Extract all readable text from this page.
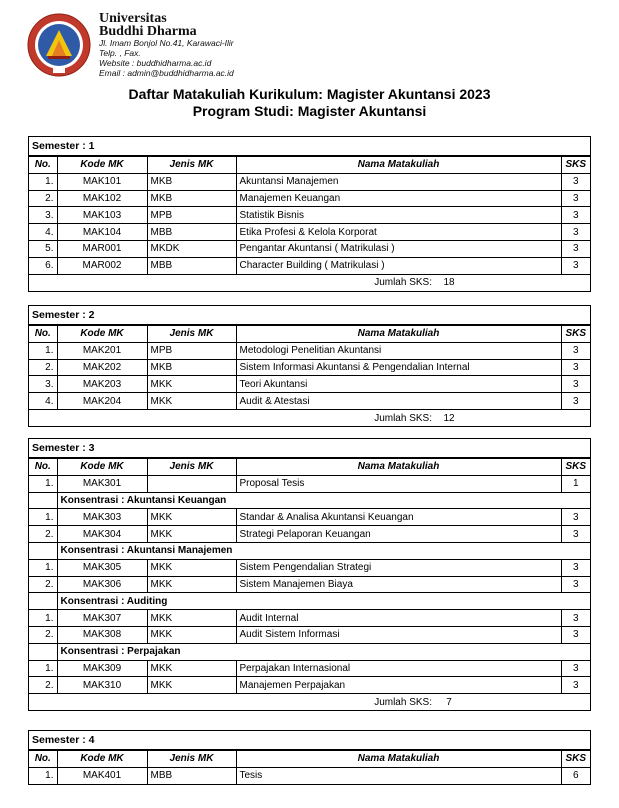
Universitas
Buddhi Dharma
Jl. Imam Bonjol No.41, Karawaci-Ilir
Telp. , Fax.
Website : buddhidharma.ac.id
Email : admin@buddhidharma.ac.id
Daftar Matakuliah Kurikulum: Magister Akuntansi 2023
Program Studi: Magister Akuntansi
Semester : 1
No.	Kode MK	Jenis MK	Nama Matakuliah	SKS
1.	MAK101	MKB	Akuntansi Manajemen	3
2.	MAK102	MKB	Manajemen Keuangan	3
3.	MAK103	MPB	Statistik Bisnis	3
4.	MAK104	MBB	Etika Profesi & Kelola Korporat	3
5.	MAR001	MKDK	Pengantar Akuntansi ( Matrikulasi )	3
6.	MAR002	MBB	Character Building ( Matrikulasi )	3
Jumlah SKS: 18				
Semester : 2
No.	Kode MK	Jenis MK	Nama Matakuliah	SKS
1.	MAK201	MPB	Metodologi Penelitian Akuntansi	3
2.	MAK202	MKB	Sistem Informasi Akuntansi & Pengendalian Internal	3
3.	MAK203	MKK	Teori Akuntansi	3
4.	MAK204	MKK	Audit & Atestasi	3
Jumlah SKS: 12				
Semester : 3
No.	Kode MK	Jenis MK	Nama Matakuliah	SKS
1.	MAK301		Proposal Tesis	1
	Konsentrasi : Akuntansi Keuangan			
1.	MAK303	MKK	Standar & Analisa Akuntansi Keuangan	3
2.	MAK304	MKK	Strategi Pelaporan Keuangan	3
	Konsentrasi : Akuntansi Manajemen			
1.	MAK305	MKK	Sistem Pengendalian Strategi	3
2.	MAK306	MKK	Sistem Manajemen Biaya	3
	Konsentrasi : Auditing			
1.	MAK307	MKK	Audit Internal	3
2.	MAK308	MKK	Audit Sistem Informasi	3
	Konsentrasi : Perpajakan			
1.	MAK309	MKK	Perpajakan Internasional	3
2.	MAK310	MKK	Manajemen Perpajakan	3
Jumlah SKS: 7				
Semester : 4
No.	Kode MK	Jenis MK	Nama Matakuliah	SKS
1.	MAK401	MBB	Tesis	6
